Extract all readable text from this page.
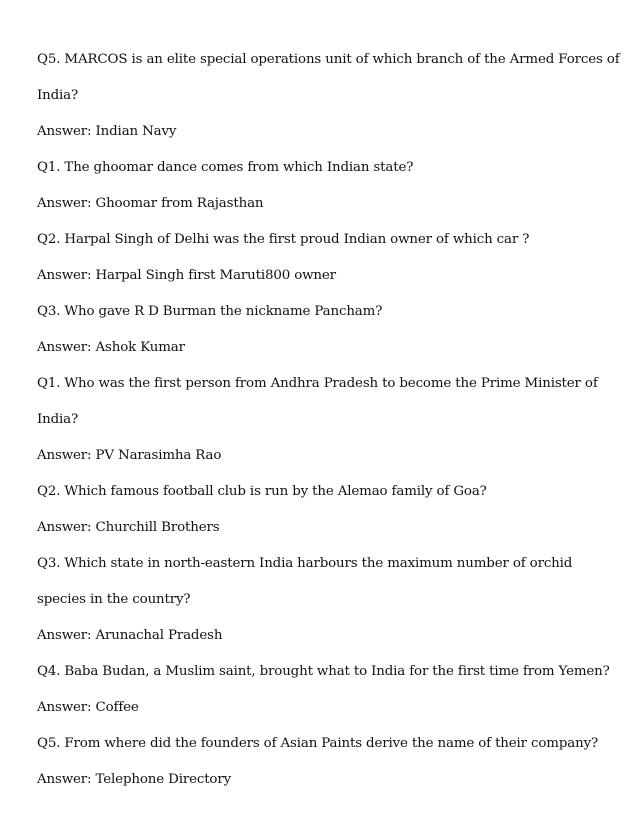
Q5. MARCOS is an elite special operations unit of which branch of the Armed Forces of
India?
Answer: Indian Navy
Q1. The ghoomar dance comes from which Indian state?
Answer: Ghoomar from Rajasthan
Q2. Harpal Singh of Delhi was the first proud Indian owner of which car ?
Answer: Harpal Singh first Maruti800 owner
Q3. Who gave R D Burman the nickname Pancham?
Answer: Ashok Kumar
Q1. Who was the first person from Andhra Pradesh to become the Prime Minister of
India?
Answer: PV Narasimha Rao
Q2. Which famous football club is run by the Alemao family of Goa?
Answer: Churchill Brothers
Q3. Which state in north-eastern India harbours the maximum number of orchid
species in the country?
Answer: Arunachal Pradesh
Q4. Baba Budan, a Muslim saint, brought what to India for the first time from Yemen?
Answer: Coffee
Q5. From where did the founders of Asian Paints derive the name of their company?
Answer: Telephone Directory
